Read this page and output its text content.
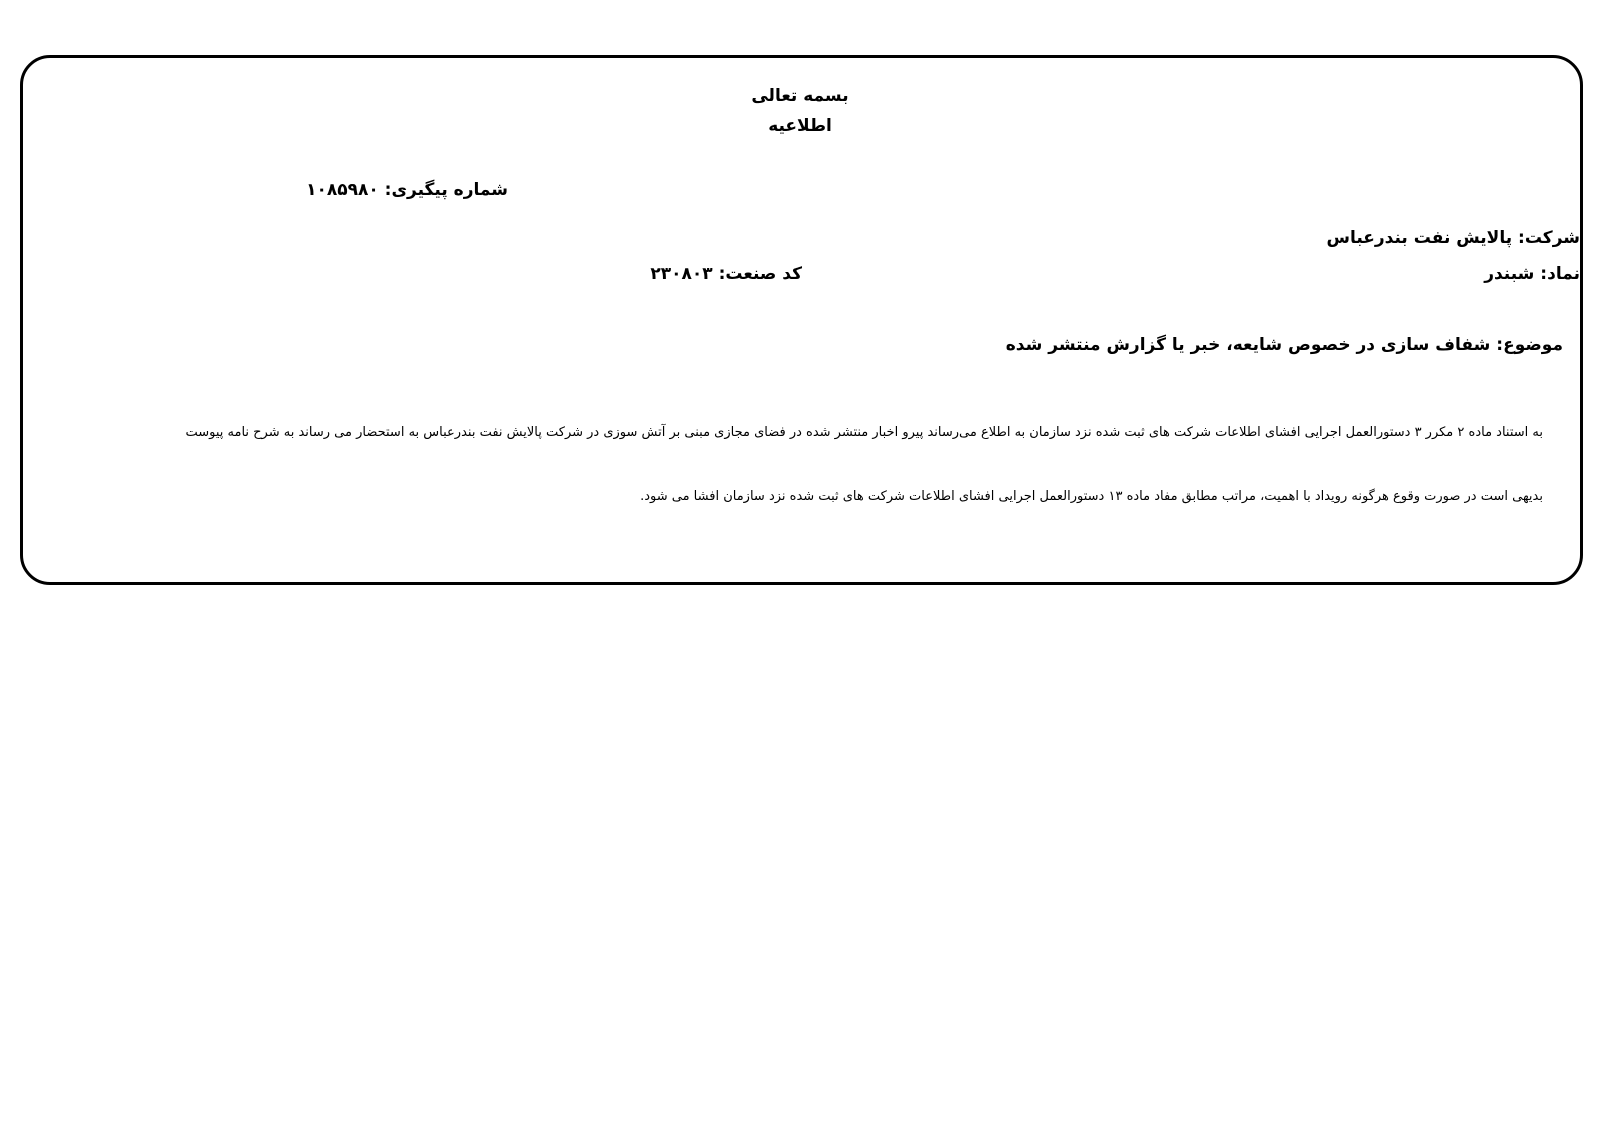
بسمه تعالی
اطلاعیه
شماره پیگیری: ۱۰۸۵۹۸۰
شرکت: پالایش نفت بندرعباس
نماد: شبندر
کد صنعت: ۲۳۰۸۰۳
موضوع: شفاف سازی در خصوص شایعه، خبر یا گزارش منتشر شده
به استناد ماده ۲ مکرر ۳ دستورالعمل اجرایی افشای اطلاعات شرکت های ثبت شده نزد سازمان به اطلاع می‌رساند پیرو اخبار منتشر شده در فضای مجازی مبنی بر آتش سوزی در شرکت پالایش نفت بندرعباس به استحضار می رساند به شرح نامه پیوست
بدیهی است در صورت وقوع هرگونه رویداد با اهمیت، مراتب مطابق مفاد ماده ۱۳ دستورالعمل اجرایی افشای اطلاعات شرکت های ثبت شده نزد سازمان افشا می شود.
